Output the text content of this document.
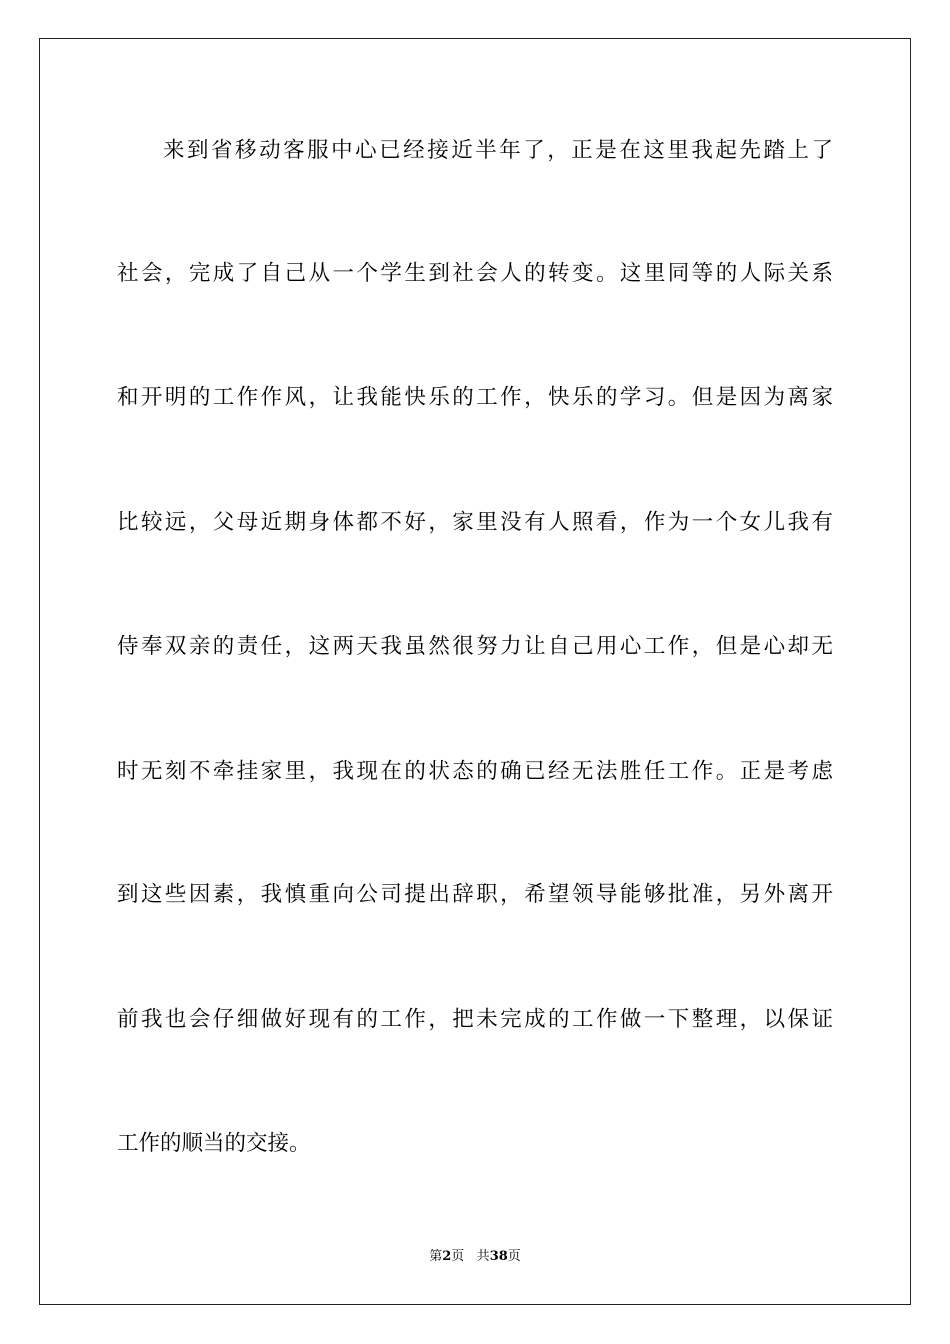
来到省移动客服中心已经接近半年了，正是在这里我起先踏上了
社会，完成了自己从一个学生到社会人的转变。这里同等的人际关系
和开明的工作作风，让我能快乐的工作，快乐的学习。但是因为离家
比较远，父母近期身体都不好，家里没有人照看，作为一个女儿我有
侍奉双亲的责任，这两天我虽然很努力让自己用心工作，但是心却无
时无刻不牵挂家里，我现在的状态的确已经无法胜任工作。正是考虑
到这些因素，我慎重向公司提出辞职，希望领导能够批准，另外离开
前我也会仔细做好现有的工作，把未完成的工作做一下整理，以保证
工作的顺当的交接。
第2页 共38页
